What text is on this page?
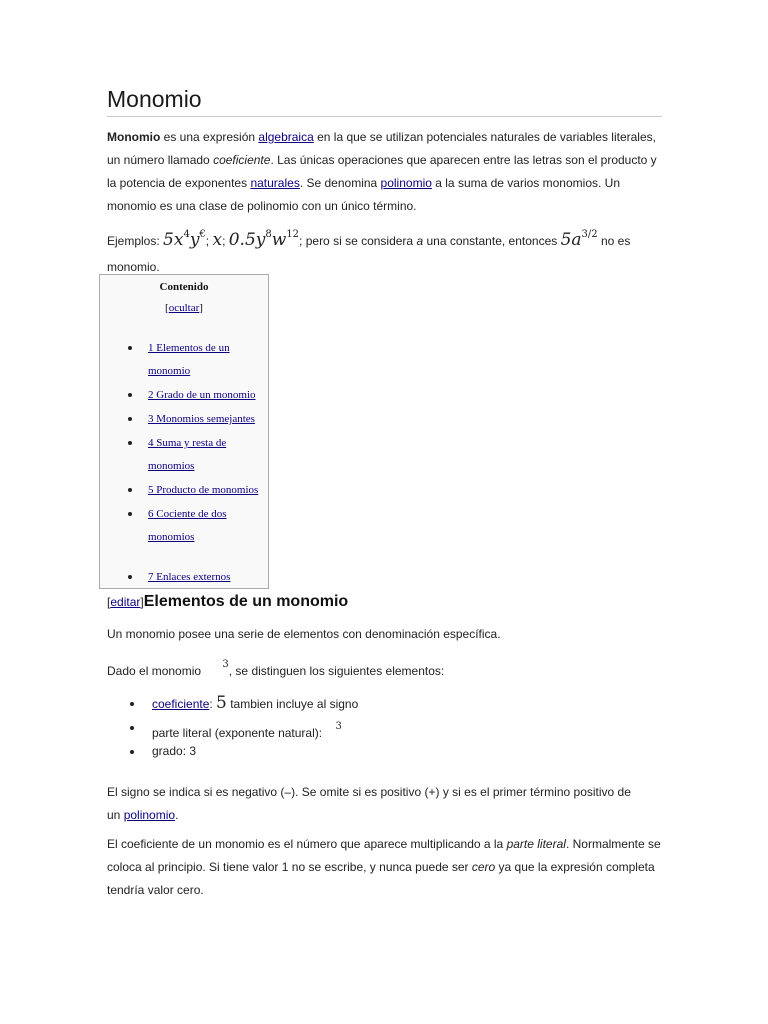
Monomio

Monomio es una expresión algebraica en la que se utilizan potenciales naturales de variables literales,
un número llamado coeficiente. Las únicas operaciones que aparecen entre las letras son el producto y
la potencia de exponentes naturales. Se denomina polinomio a la suma de varios monomios. Un
monomio es una clase de polinomio con un único término.

Ejemplos: $5x^4y^€$; x; $0.5y^8w^{12}$; pero si se considera a una constante, entonces $5a^{3/2}$ no es
monomio.

Contenido
[ocultar]
1 Elementos de un
monomio
2 Grado de un monomio
3 Monomios semejantes
4 Suma y resta de
monomios
5 Producto de monomios
6 Cociente de dos
monomios
7 Enlaces externos
[editar]Elementos de un monomio

Un monomio posee una serie de elementos con denominación específica.

Dado el monomio $^3$, se distinguen los siguientes elementos:

coeficiente: 5 tambien incluye al signo
parte literal (exponente natural): $^3$
grado: 3

El signo se indica si es negativo (–). Se omite si es positivo (+) y si es el primer término positivo de
un polinomio.

El coeficiente de un monomio es el número que aparece multiplicando a la parte literal. Normalmente se
coloca al principio. Si tiene valor 1 no se escribe, y nunca puede ser cero ya que la expresión completa
tendría valor cero.
